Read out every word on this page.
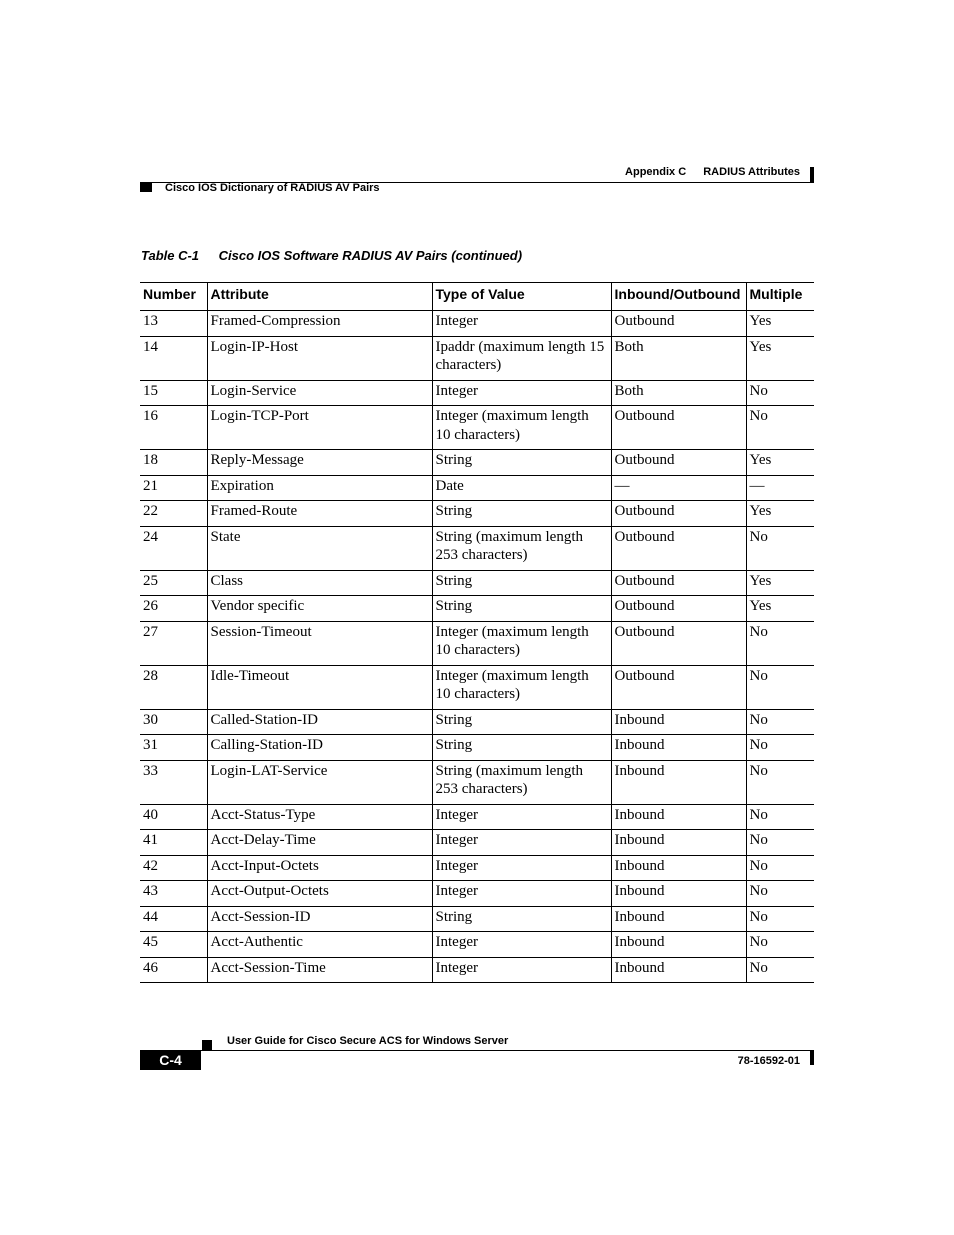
Appendix C RADIUS Attributes
Cisco IOS Dictionary of RADIUS AV Pairs
Table C-1 Cisco IOS Software RADIUS AV Pairs (continued)
Number	Attribute	Type of Value	Inbound/Outbound	Multiple
13	Framed-Compression	Integer	Outbound	Yes
14	Login-IP-Host	Ipaddr (maximum length 15 characters)	Both	Yes
15	Login-Service	Integer	Both	No
16	Login-TCP-Port	Integer (maximum length 10 characters)	Outbound	No
18	Reply-Message	String	Outbound	Yes
21	Expiration	Date	—	—
22	Framed-Route	String	Outbound	Yes
24	State	String (maximum length 253 characters)	Outbound	No
25	Class	String	Outbound	Yes
26	Vendor specific	String	Outbound	Yes
27	Session-Timeout	Integer (maximum length 10 characters)	Outbound	No
28	Idle-Timeout	Integer (maximum length 10 characters)	Outbound	No
30	Called-Station-ID	String	Inbound	No
31	Calling-Station-ID	String	Inbound	No
33	Login-LAT-Service	String (maximum length 253 characters)	Inbound	No
40	Acct-Status-Type	Integer	Inbound	No
41	Acct-Delay-Time	Integer	Inbound	No
42	Acct-Input-Octets	Integer	Inbound	No
43	Acct-Output-Octets	Integer	Inbound	No
44	Acct-Session-ID	String	Inbound	No
45	Acct-Authentic	Integer	Inbound	No
46	Acct-Session-Time	Integer	Inbound	No
User Guide for Cisco Secure ACS for Windows Server
C-4	78-16592-01
